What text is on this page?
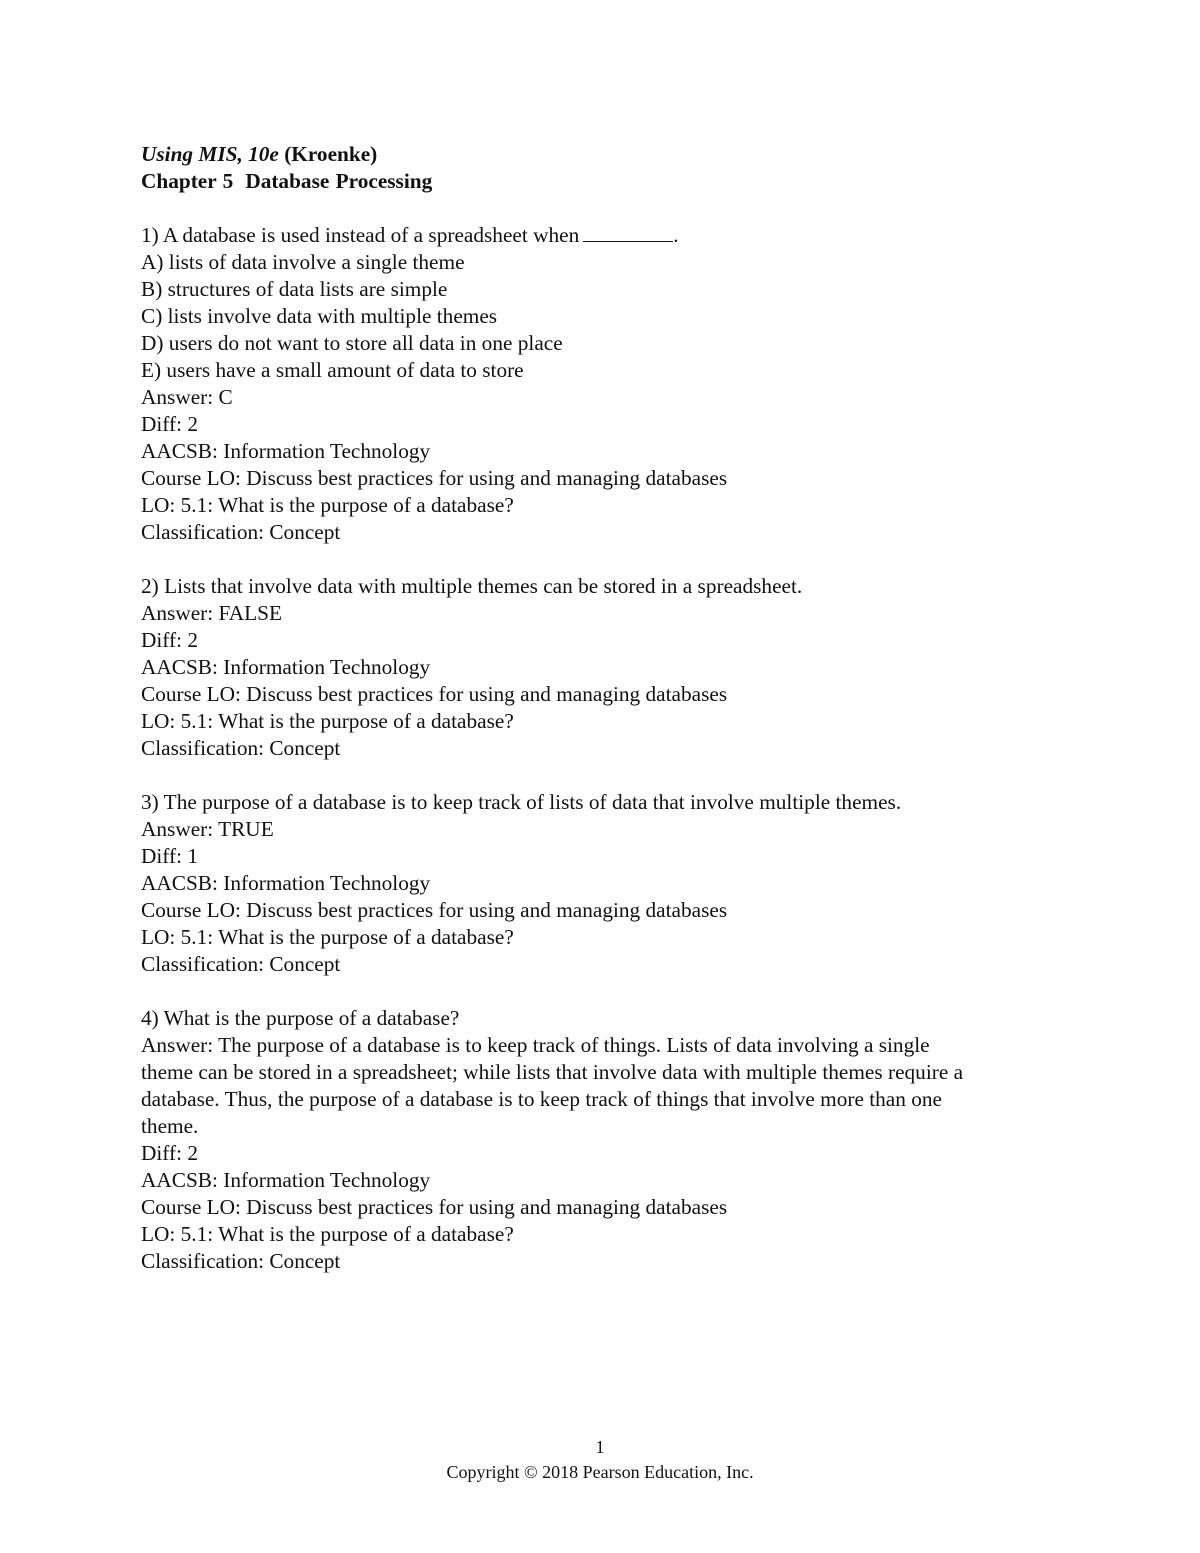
Using MIS, 10e (Kroenke)
Chapter 5 Database Processing
1) A database is used instead of a spreadsheet when	.
A) lists of data involve a single theme
B) structures of data lists are simple
C) lists involve data with multiple themes
D) users do not want to store all data in one place
E) users have a small amount of data to store
Answer: C
Diff: 2
AACSB: Information Technology
Course LO: Discuss best practices for using and managing databases
LO: 5.1: What is the purpose of a database?
Classification: Concept
2) Lists that involve data with multiple themes can be stored in a spreadsheet.
Answer: FALSE
Diff: 2
AACSB: Information Technology
Course LO: Discuss best practices for using and managing databases
LO: 5.1: What is the purpose of a database?
Classification: Concept
3) The purpose of a database is to keep track of lists of data that involve multiple themes.
Answer: TRUE
Diff: 1
AACSB: Information Technology
Course LO: Discuss best practices for using and managing databases
LO: 5.1: What is the purpose of a database?
Classification: Concept
4) What is the purpose of a database?
Answer: The purpose of a database is to keep track of things. Lists of data involving a single
theme can be stored in a spreadsheet; while lists that involve data with multiple themes require a
database. Thus, the purpose of a database is to keep track of things that involve more than one
theme.
Diff: 2
AACSB: Information Technology
Course LO: Discuss best practices for using and managing databases
LO: 5.1: What is the purpose of a database?
Classification: Concept
1
Copyright © 2018 Pearson Education, Inc.
